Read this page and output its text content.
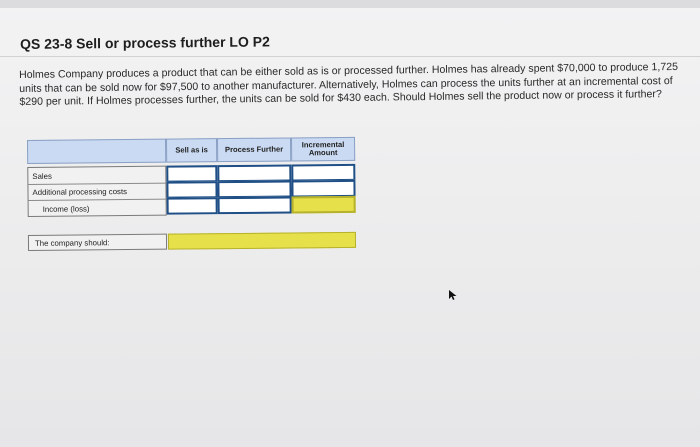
QS 23-8 Sell or process further LO P2
Holmes Company produces a product that can be either sold as is or processed further. Holmes has already spent $70,000 to produce 1,725 units that can be sold now for $97,500 to another manufacturer. Alternatively, Holmes can process the units further at an incremental cost of $290 per unit. If Holmes processes further, the units can be sold for $430 each. Should Holmes sell the product now or process it further?
Sell as is	Process Further
Incremental Amount
Sales
Additional processing costs
Income (loss)
The company should:
